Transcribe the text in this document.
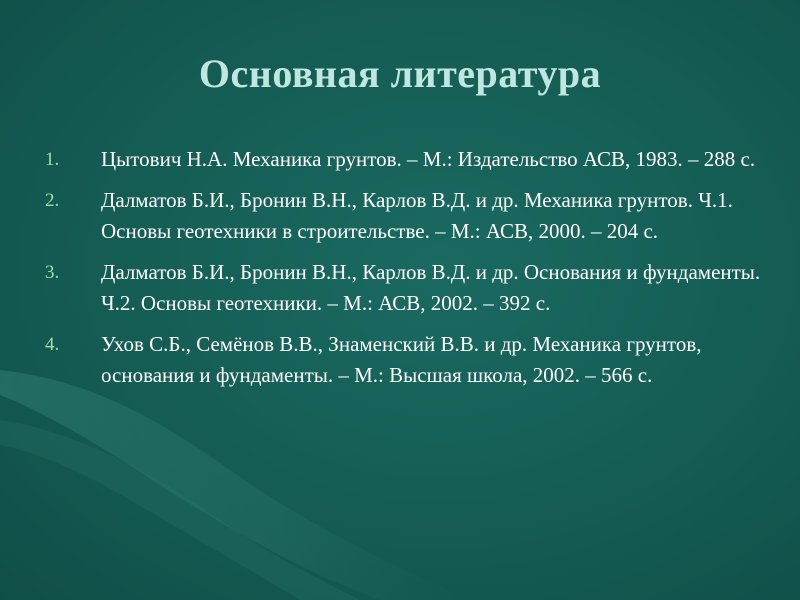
Основная литература
1. Цытович Н.А. Механика грунтов. – М.: Издательство АСВ, 1983. – 288 с.
2. Далматов Б.И., Бронин В.Н., Карлов В.Д. и др. Механика грунтов. Ч.1. Основы геотехники в строительстве. – М.: АСВ, 2000. – 204 с.
3. Далматов Б.И., Бронин В.Н., Карлов В.Д. и др. Основания и фундаменты. Ч.2. Основы геотехники. – М.: АСВ, 2002. – 392 с.
4. Ухов С.Б., Семёнов В.В., Знаменский В.В. и др. Механика грунтов, основания и фундаменты. – М.: Высшая школа, 2002. – 566 с.
